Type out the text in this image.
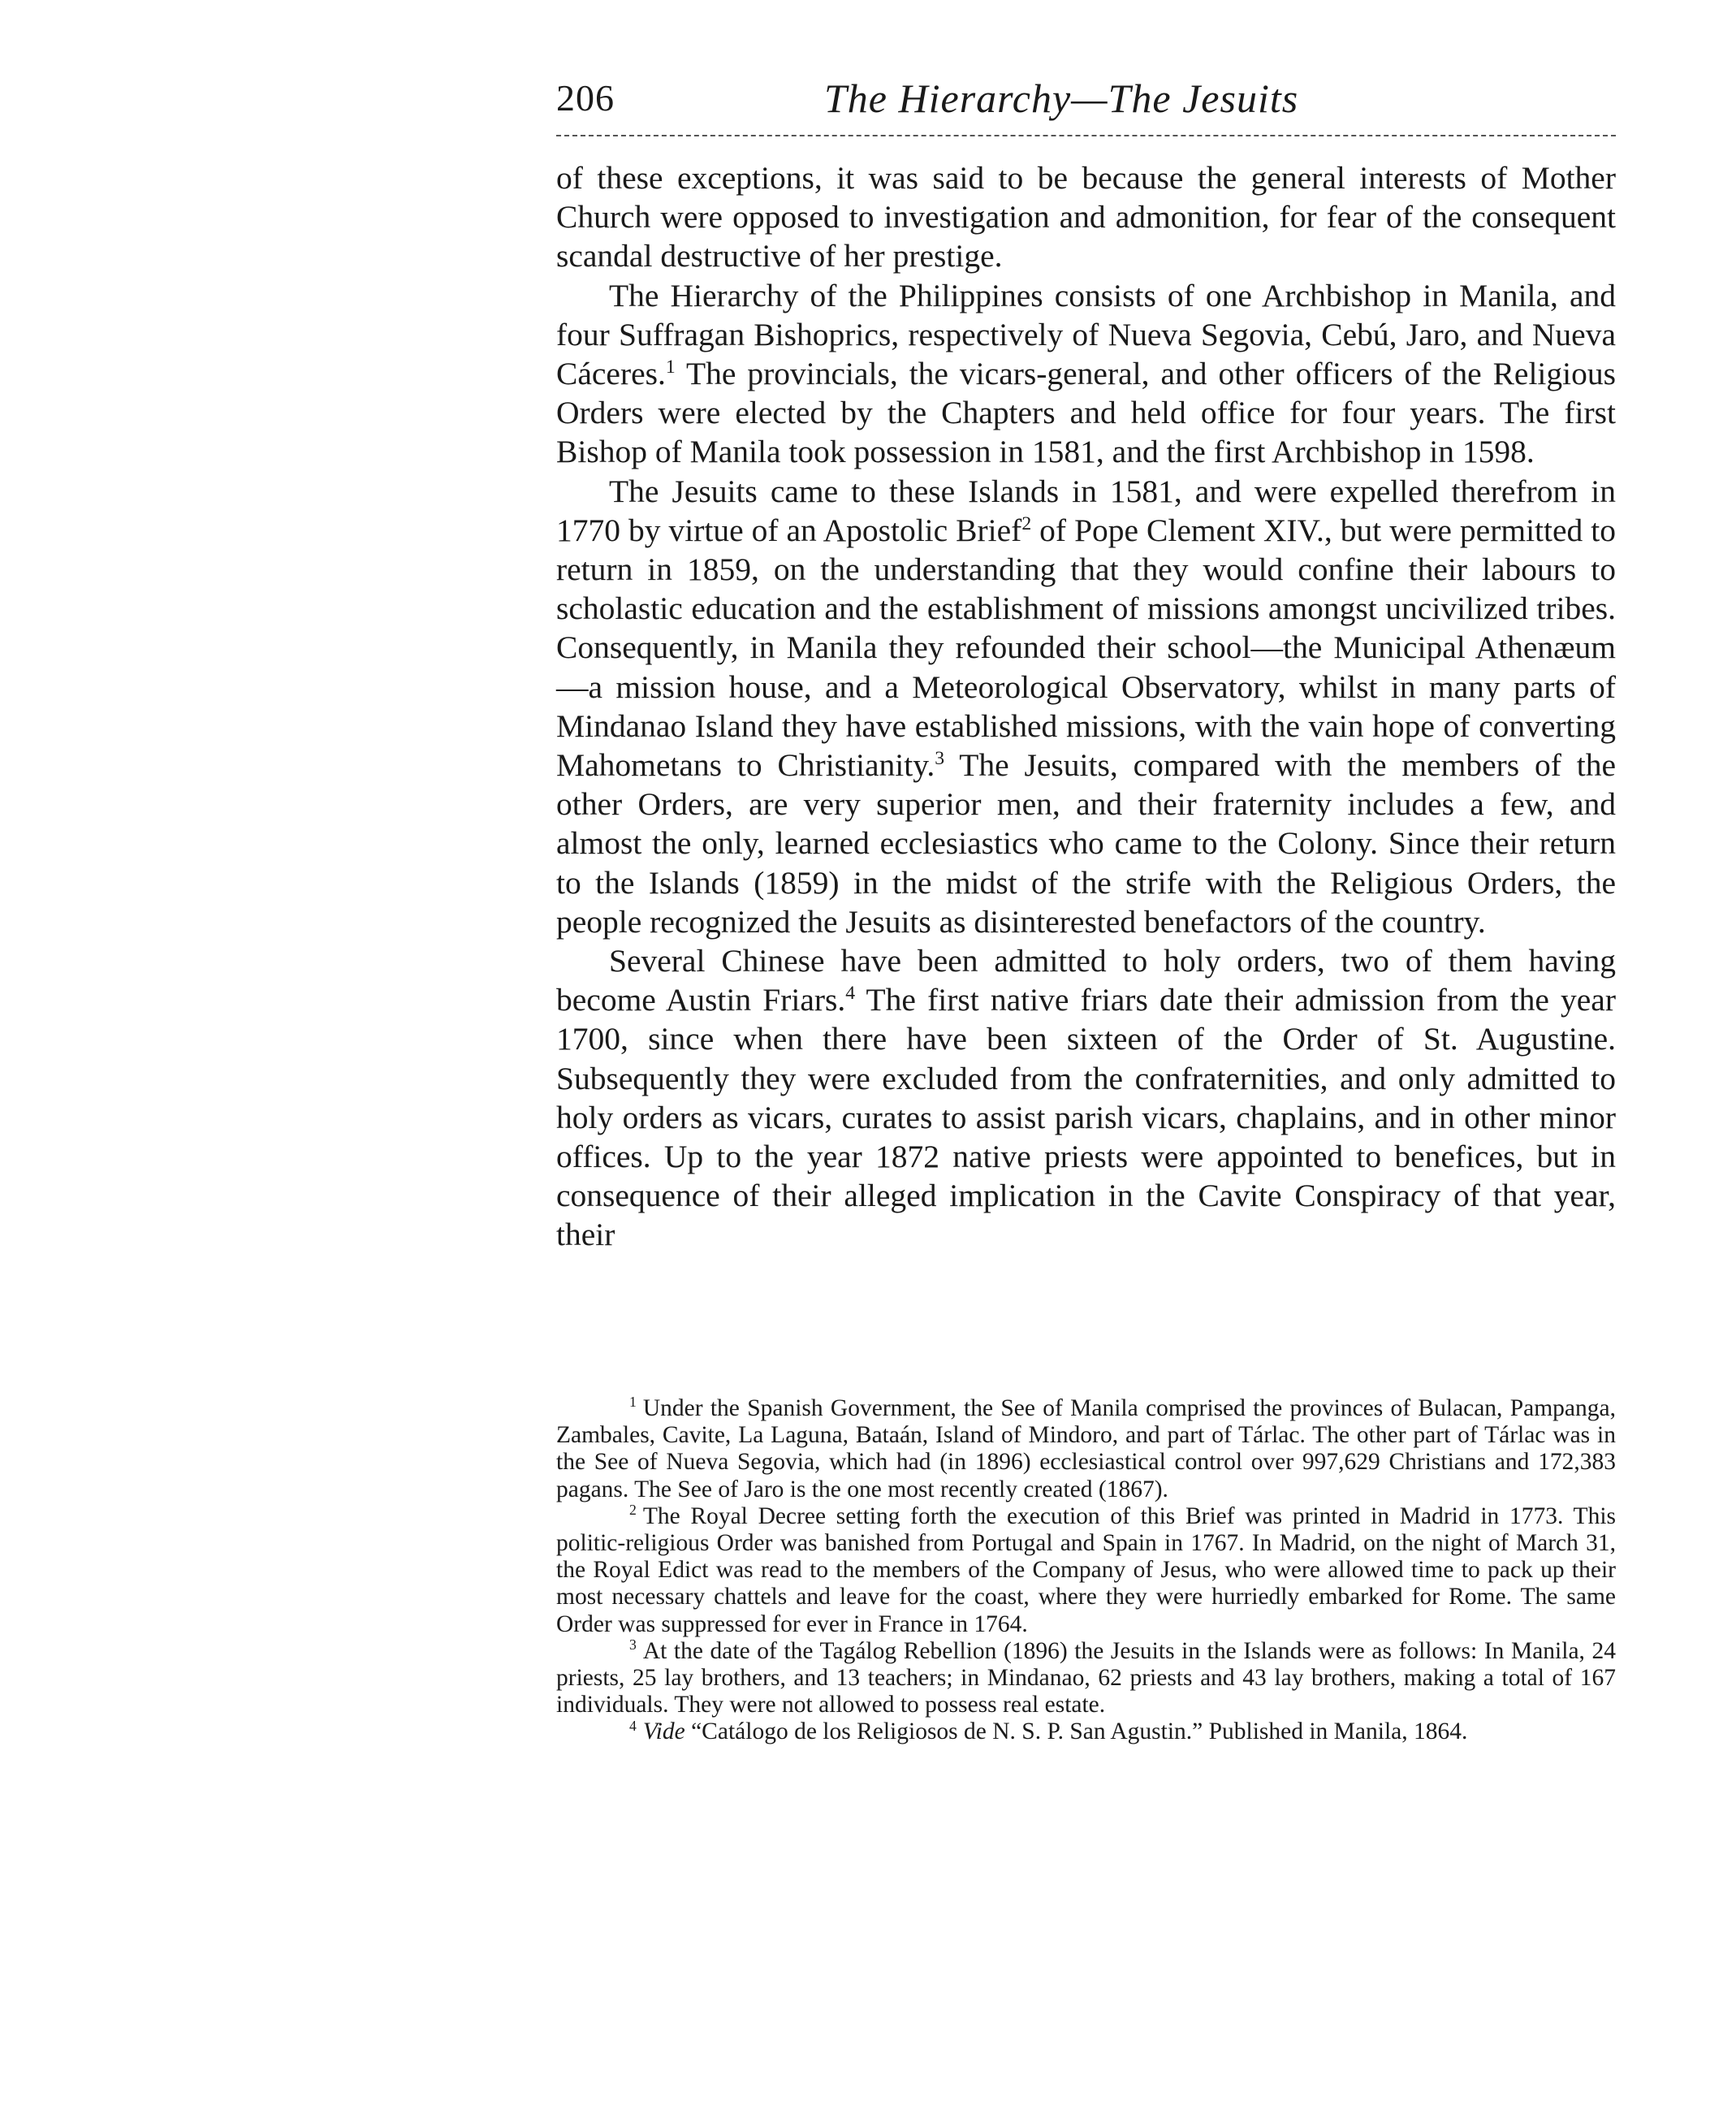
206	The Hierarchy—The Jesuits

of these exceptions, it was said to be because the general interests of Mother Church were opposed to investigation and admonition, for fear of the consequent scandal destructive of her prestige.

The Hierarchy of the Philippines consists of one Archbishop in Manila, and four Suffragan Bishoprics, respectively of Nueva Segovia, Cebú, Jaro, and Nueva Cáceres.$^1$ The provincials, the vicars-general, and other officers of the Religious Orders were elected by the Chapters and held office for four years. The first Bishop of Manila took possession in 1581, and the first Archbishop in 1598.

The Jesuits came to these Islands in 1581, and were expelled therefrom in 1770 by virtue of an Apostolic Brief$^2$ of Pope Clement XIV., but were permitted to return in 1859, on the understanding that they would confine their labours to scholastic education and the establishment of missions amongst uncivilized tribes. Consequently, in Manila they refounded their school—the Municipal Athenæum—a mission house, and a Meteorological Observatory, whilst in many parts of Mindanao Island they have established missions, with the vain hope of converting Mahometans to Christianity.$^3$ The Jesuits, compared with the members of the other Orders, are very superior men, and their fraternity includes a few, and almost the only, learned ecclesiastics who came to the Colony. Since their return to the Islands (1859) in the midst of the strife with the Religious Orders, the people recognized the Jesuits as disinterested benefactors of the country.

Several Chinese have been admitted to holy orders, two of them having become Austin Friars.$^4$ The first native friars date their admission from the year 1700, since when there have been sixteen of the Order of St. Augustine. Subsequently they were excluded from the confraternities, and only admitted to holy orders as vicars, curates to assist parish vicars, chaplains, and in other minor offices. Up to the year 1872 native priests were appointed to benefices, but in consequence of their alleged implication in the Cavite Conspiracy of that year, their

$^1$ Under the Spanish Government, the See of Manila comprised the provinces of Bulacan, Pampanga, Zambales, Cavite, La Laguna, Bataán, Island of Mindoro, and part of Tárlac. The other part of Tárlac was in the See of Nueva Segovia, which had (in 1896) ecclesiastical control over 997,629 Christians and 172,383 pagans. The See of Jaro is the one most recently created (1867).

$^2$ The Royal Decree setting forth the execution of this Brief was printed in Madrid in 1773. This politic-religious Order was banished from Portugal and Spain in 1767. In Madrid, on the night of March 31, the Royal Edict was read to the members of the Company of Jesus, who were allowed time to pack up their most necessary chattels and leave for the coast, where they were hurriedly embarked for Rome. The same Order was suppressed for ever in France in 1764.

$^3$ At the date of the Tagálog Rebellion (1896) the Jesuits in the Islands were as follows: In Manila, 24 priests, 25 lay brothers, and 13 teachers; in Mindanao, 62 priests and 43 lay brothers, making a total of 167 individuals. They were not allowed to possess real estate.

$^4$ Vide “Catálogo de los Religiosos de N. S. P. San Agustin.” Published in Manila, 1864.
